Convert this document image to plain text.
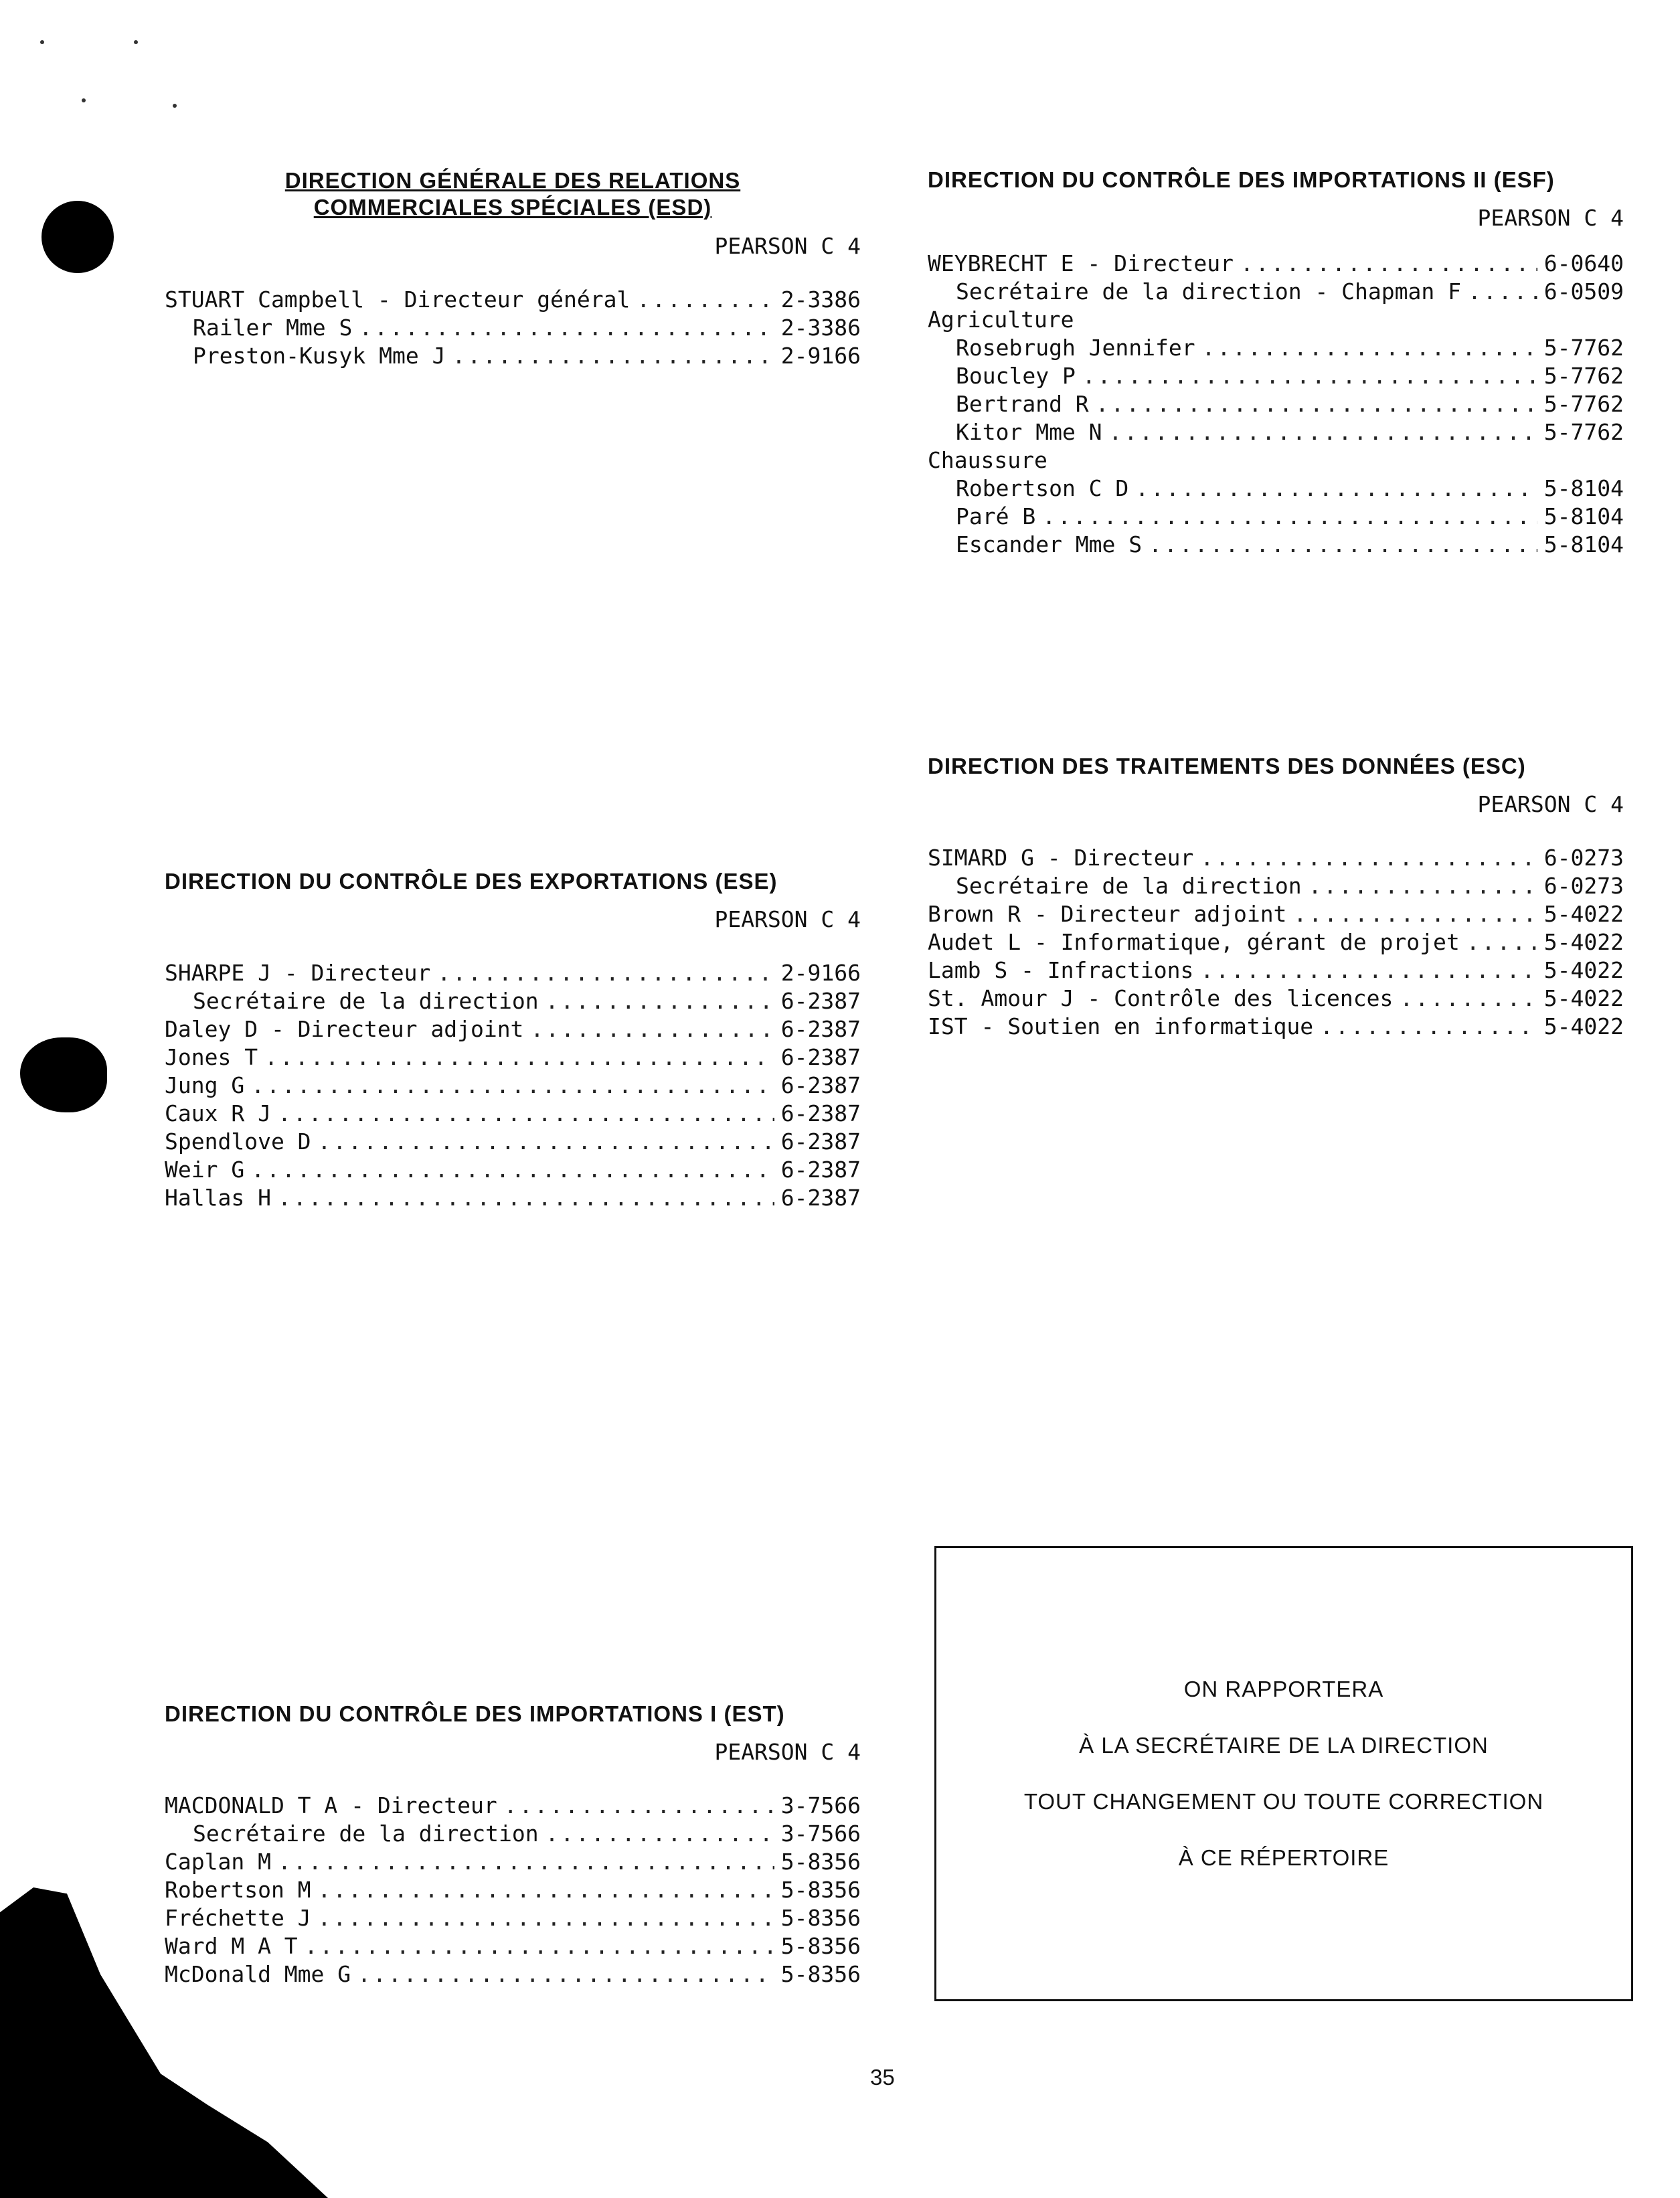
DIRECTION GÉNÉRALE DES RELATIONS
COMMERCIALES SPÉCIALES (ESD)
PEARSON C 4
STUART Campbell - Directeur général .....	2-3386
Railer Mme S .....	2-3386
Preston-Kusyk Mme J .....	2-9166
DIRECTION DU CONTRÔLE DES IMPORTATIONS II (ESF)
PEARSON C 4
WEYBRECHT E - Directeur .....	6-0640
Secrétaire de la direction - Chapman F .....	6-0509
Agriculture
Rosebrugh Jennifer .....	5-7762
Boucley P .....	5-7762
Bertrand R .....	5-7762
Kitor Mme N .....	5-7762
Chaussure
Robertson C D .....	5-8104
Paré B .....	5-8104
Escander Mme S .....	5-8104
DIRECTION DES TRAITEMENTS DES DONNÉES (ESC)
PEARSON C 4
SIMARD G - Directeur .....	6-0273
Secrétaire de la direction .....	6-0273
Brown R - Directeur adjoint .....	5-4022
Audet L - Informatique, gérant de projet .....	5-4022
Lamb S - Infractions .....	5-4022
St. Amour J - Contrôle des licences .....	5-4022
IST - Soutien en informatique .....	5-4022
DIRECTION DU CONTRÔLE DES EXPORTATIONS (ESE)
PEARSON C 4
SHARPE J - Directeur .....	2-9166
Secrétaire de la direction .....	6-2387
Daley D - Directeur adjoint .....	6-2387
Jones T .....	6-2387
Jung G .....	6-2387
Caux R J .....	6-2387
Spendlove D .....	6-2387
Weir G .....	6-2387
Hallas H .....	6-2387
DIRECTION DU CONTRÔLE DES IMPORTATIONS I (EST)
PEARSON C 4
MACDONALD T A - Directeur .....	3-7566
Secrétaire de la direction .....	3-7566
Caplan M .....	5-8356
Robertson M .....	5-8356
Fréchette J .....	5-8356
Ward M A T .....	5-8356
McDonald Mme G .....	5-8356

ON RAPPORTERA

À LA SECRÉTAIRE DE LA DIRECTION

TOUT CHANGEMENT OU TOUTE CORRECTION

À CE RÉPERTOIRE

35
